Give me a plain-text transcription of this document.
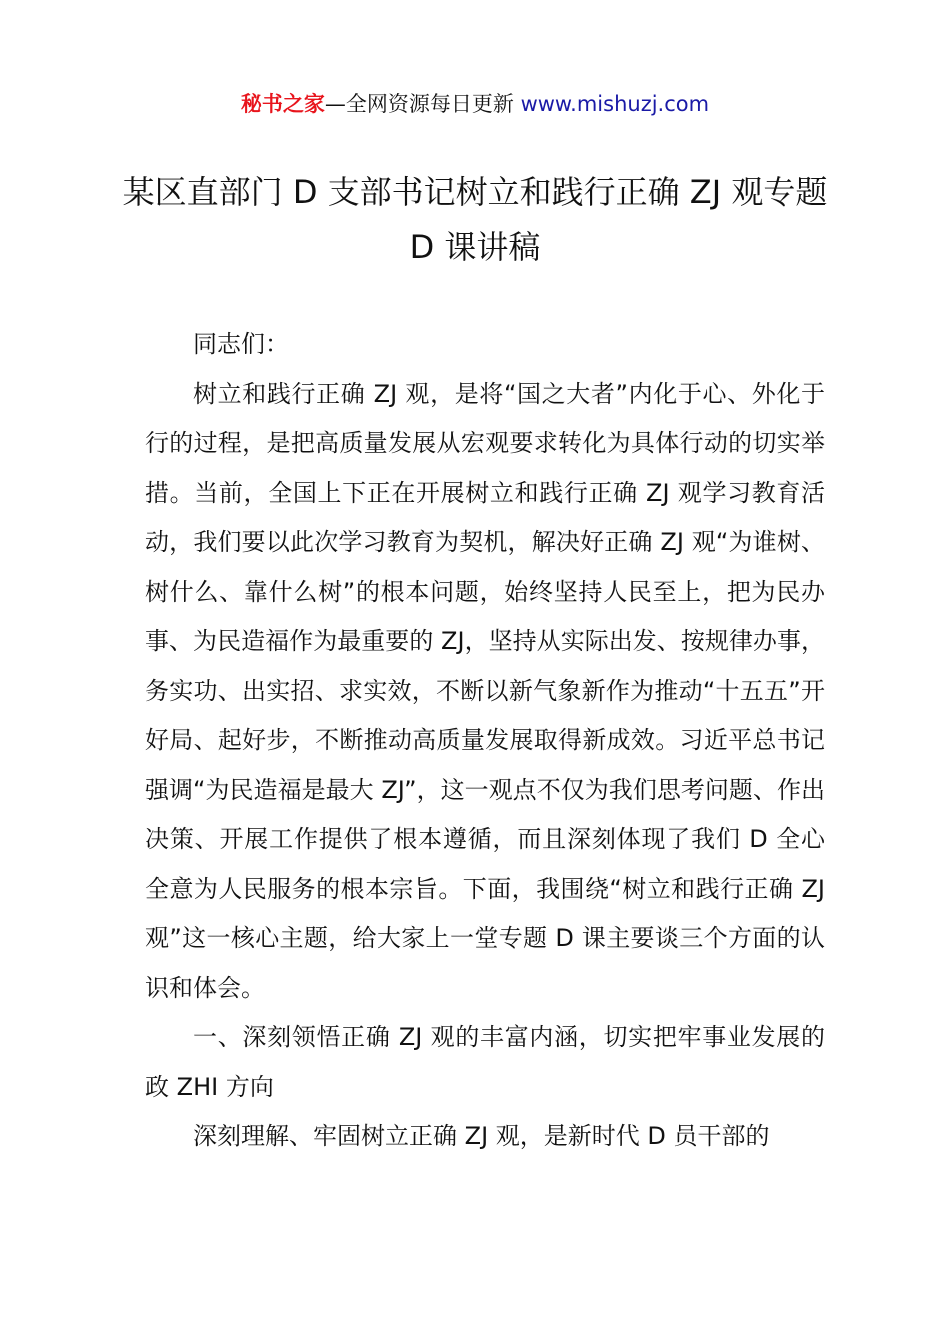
秘书之家—全网资源每日更新 www.mishuzj.com
某区直部门 D 支部书记树立和践行正确 ZJ 观专题 D 课讲稿

同志们：

树立和践行正确 ZJ 观，是将“国之大者”内化于心、外化于行的过程，是把高质量发展从宏观要求转化为具体行动的切实举措。当前，全国上下正在开展树立和践行正确 ZJ 观学习教育活动，我们要以此次学习教育为契机，解决好正确 ZJ 观“为谁树、树什么、靠什么树”的根本问题，始终坚持人民至上，把为民办事、为民造福作为最重要的 ZJ，坚持从实际出发、按规律办事，务实功、出实招、求实效，不断以新气象新作为推动“十五五”开好局、起好步，不断推动高质量发展取得新成效。习近平总书记强调“为民造福是最大 ZJ”，这一观点不仅为我们思考问题、作出决策、开展工作提供了根本遵循，而且深刻体现了我们 D 全心全意为人民服务的根本宗旨。下面，我围绕“树立和践行正确 ZJ 观”这一核心主题，给大家上一堂专题 D 课主要谈三个方面的认识和体会。

一、深刻领悟正确 ZJ 观的丰富内涵，切实把牢事业发展的政 ZHI 方向

深刻理解、牢固树立正确 ZJ 观，是新时代 D 员干部的
